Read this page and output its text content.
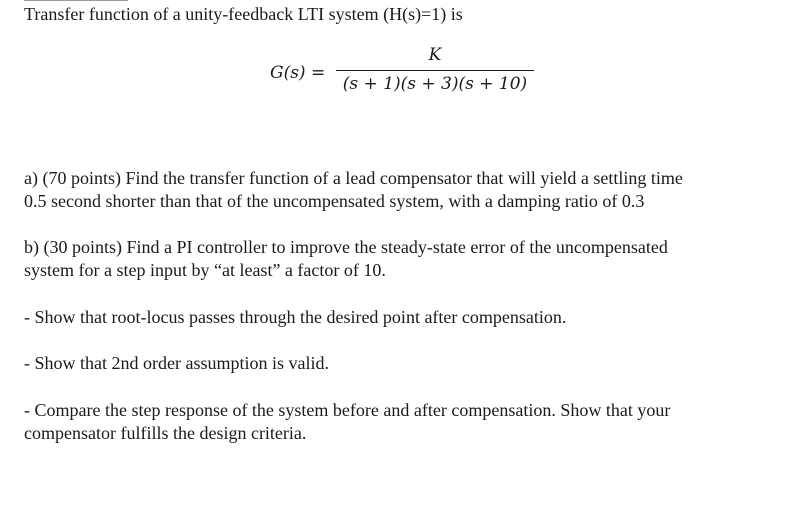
Transfer function of a unity-feedback LTI system (H(s)=1) is
G(s) =
K
(s + 1)(s + 3)(s + 10)
a) (70 points) Find the transfer function of a lead compensator that will yield a settling time
0.5 second shorter than that of the uncompensated system, with a damping ratio of 0.3
b) (30 points) Find a PI controller to improve the steady-state error of the uncompensated
system for a step input by “at least” a factor of 10.
- Show that root-locus passes through the desired point after compensation.
- Show that 2nd order assumption is valid.
- Compare the step response of the system before and after compensation. Show that your
compensator fulfills the design criteria.
